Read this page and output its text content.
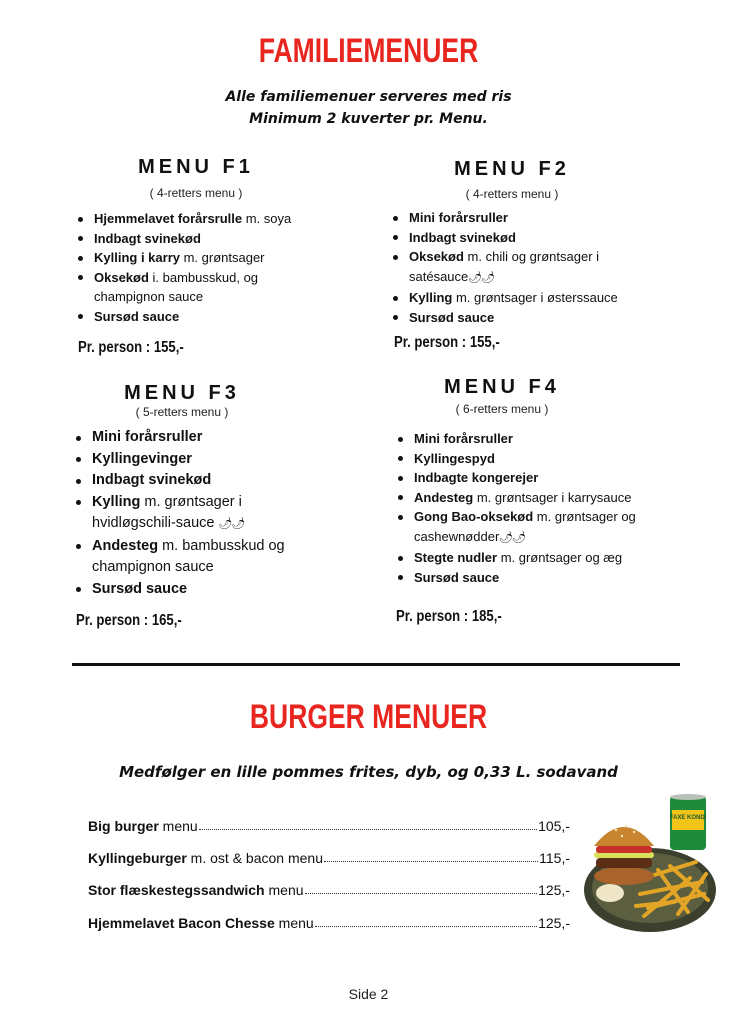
FAMILIEMENUER
Alle familiemenuer serveres med ris
Minimum 2 kuverter pr. Menu.
MENU F1
( 4-retters menu )
Hjemmelavet forårsrulle m. soya
Indbagt svinekød
Kylling i karry m. grøntsager
Oksekød i. bambusskud, og champignon sauce
Sursød sauce
Pr. person : 155,-
MENU F2
( 4-retters menu )
Mini forårsruller
Indbagt svinekød
Oksekød m. chili og grøntsager i satésauce🌶🌶
Kylling m. grøntsager i østerssauce
Sursød sauce
Pr. person : 155,-
MENU F3
( 5-retters menu )
Mini forårsruller
Kyllingevinger
Indbagt svinekød
Kylling m. grøntsager i hvidløgschili-sauce 🌶🌶
Andesteg m. bambusskud og champignon sauce
Sursød sauce
Pr. person : 165,-
MENU F4
( 6-retters menu )
Mini forårsruller
Kyllingespyd
Indbagte kongerejer
Andesteg m. grøntsager i karrysauce
Gong Bao-oksekød m. grøntsager og cashewnødder🌶🌶
Stegte nudler m. grøntsager og æg
Sursød sauce
Pr. person : 185,-
BURGER MENUER
Medfølger en lille pommes frites, dyb, og 0,33 L. sodavand
Big burger menu	105,-
Kyllingeburger m. ost & bacon menu	115,-
Stor flæskestegssandwich menu	125,-
Hjemmelavet Bacon Chesse menu	125,-
FAXE KONDI
Side 2
